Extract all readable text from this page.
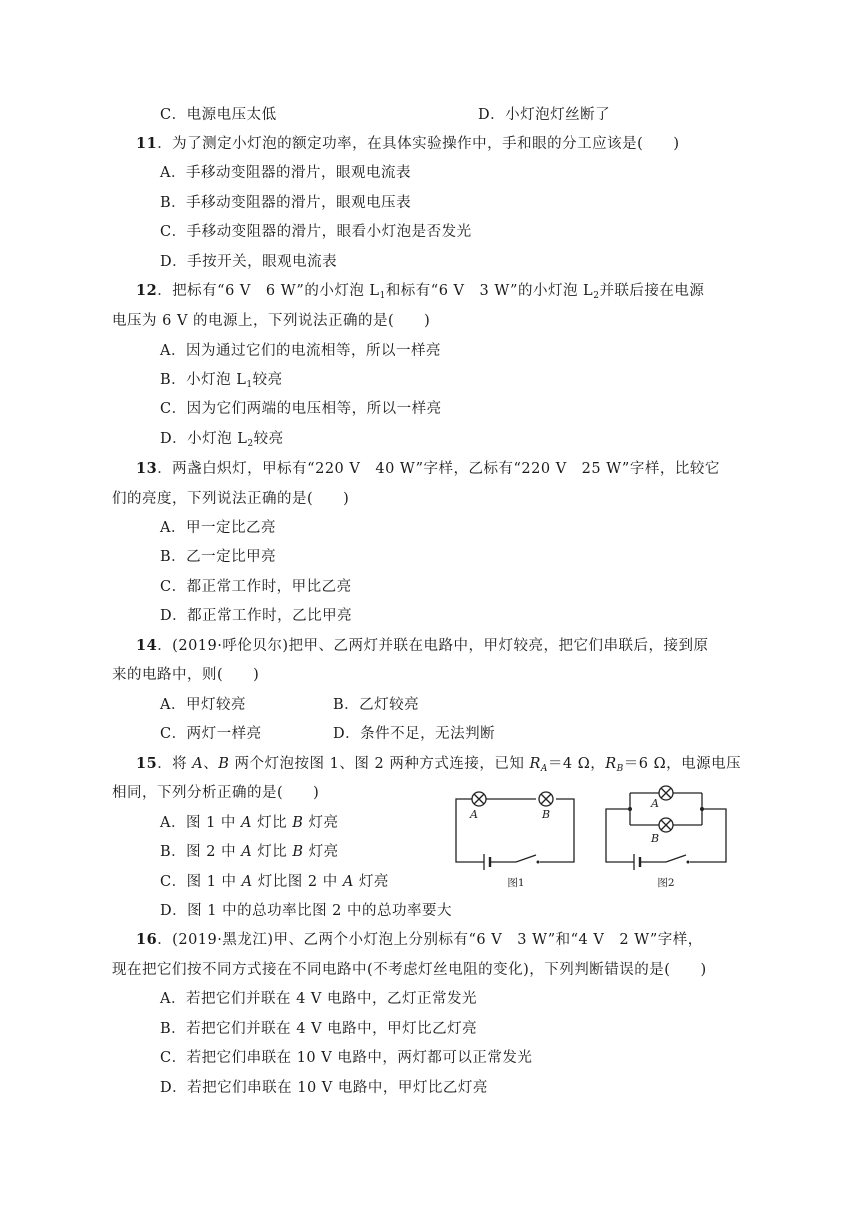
C．电源电压太低	D．小灯泡灯丝断了
11．为了测定小灯泡的额定功率，在具体实验操作中，手和眼的分工应该是(　　)
A．手移动变阻器的滑片，眼观电流表
B．手移动变阻器的滑片，眼观电压表
C．手移动变阻器的滑片，眼看小灯泡是否发光
D．手按开关，眼观电流表
12．把标有“6 V　6 W”的小灯泡 $L_1$和标有“6 V　3 W”的小灯泡 $L_2$并联后接在电源
电压为 6 V 的电源上，下列说法正确的是(　　)
A．因为通过它们的电流相等，所以一样亮
B．小灯泡 $L_1$较亮
C．因为它们两端的电压相等，所以一样亮
D．小灯泡 $L_2$较亮
13．两盏白炽灯，甲标有“220 V　40 W”字样，乙标有“220 V　25 W”字样，比较它
们的亮度，下列说法正确的是(　　)
A．甲一定比乙亮
B．乙一定比甲亮
C．都正常工作时，甲比乙亮
D．都正常工作时，乙比甲亮
14．(2019·呼伦贝尔)把甲、乙两灯并联在电路中，甲灯较亮，把它们串联后，接到原
来的电路中，则(　　)
A．甲灯较亮	B．乙灯较亮
C．两灯一样亮	D．条件不足，无法判断
15．将 A、B 两个灯泡按图 1、图 2 两种方式连接，已知 $R_A=4$ Ω，$R_B=6$ Ω，电源电压
相同，下列分析正确的是(　　)
A．图 1 中 A 灯比 B 灯亮
B．图 2 中 A 灯比 B 灯亮
C．图 1 中 A 灯比图 2 中 A 灯亮
D．图 1 中的总功率比图 2 中的总功率要大
A	B
图1
A
B
图2
16．(2019·黑龙江)甲、乙两个小灯泡上分别标有“6 V　3 W”和“4 V　2 W”字样，
现在把它们按不同方式接在不同电路中(不考虑灯丝电阻的变化)，下列判断错误的是(　　)
A．若把它们并联在 4 V 电路中，乙灯正常发光
B．若把它们并联在 4 V 电路中，甲灯比乙灯亮
C．若把它们串联在 10 V 电路中，两灯都可以正常发光
D．若把它们串联在 10 V 电路中，甲灯比乙灯亮
